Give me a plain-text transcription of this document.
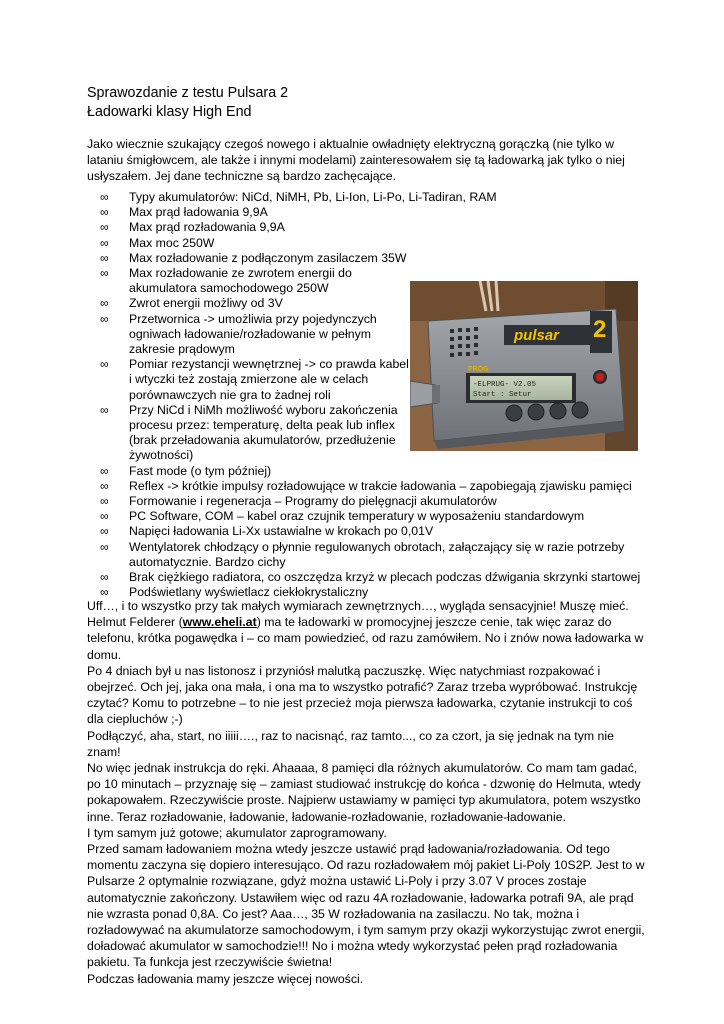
Sprawozdanie z testu Pulsara 2
Ładowarki klasy High End
Jako wiecznie szukający czegoś nowego i aktualnie owładnięty elektryczną gorączką (nie tylko w lataniu śmigłowcem, ale także i innymi modelami) zainteresowałem się tą ładowarką jak tylko o niej usłyszałem. Jej dane techniczne są bardzo zachęcające.
∞ Typy akumulatorów: NiCd, NiMH, Pb, Li-Ion, Li-Po, Li-Tadiran, RAM
∞ Max prąd ładowania 9,9A
∞ Max prąd rozładowania 9,9A
∞ Max moc 250W
∞ Max rozładowanie z podłączonym zasilaczem 35W
∞ Max rozładowanie ze zwrotem energii do akumulatora samochodowego 250W
∞ Zwrot energii możliwy od 3V
∞ Przetwornica -> umożliwia przy pojedynczych ogniwach ładowanie/rozładowanie w pełnym zakresie prądowym
∞ Pomiar rezystancji wewnętrznej -> co prawda kabel i wtyczki też zostają zmierzone ale w celach porównawczych nie gra to żadnej roli
∞ Przy NiCd i NiMh możliwość wyboru zakończenia procesu przez: temperaturę, delta peak lub inflex (brak przeładowania akumulatorów, przedłużenie żywotności)
∞ Fast mode (o tym później)
∞ Reflex -> krótkie impulsy rozładowujące w trakcie ładowania – zapobiegają zjawisku pamięci
∞ Formowanie i regeneracja – Programy do pielęgnacji akumulatorów
∞ PC Software, COM – kabel oraz czujnik temperatury w wyposażeniu standardowym
∞ Napięci ładowania Li-Xx ustawialne w krokach po 0,01V
∞ Wentylatorek chłodzący o płynnie regulowanych obrotach, załączający się w razie potrzeby automatycznie. Bardzo cichy
∞ Brak ciężkiego radiatora, co oszczędza krzyż w plecach podczas dźwigania skrzynki startowej
∞ Podświetlany wyświetlacz ciekłokrystaliczny
2
pulsar
PROG
-ELPRUG- V2.05
Start : Setur

Uff…, i to wszystko przy tak małych wymiarach zewnętrznych…, wygląda sensacyjnie! Muszę mieć. Helmut Felderer (www.eheli.at) ma te ładowarki w promocyjnej jeszcze cenie, tak więc zaraz do telefonu, krótka pogawędka i – co mam powiedzieć, od razu zamówiłem. No i znów nowa ładowarka w domu.

Po 4 dniach był u nas listonosz i przyniósł malutką paczuszkę. Więc natychmiast rozpakować i obejrzeć. Och jej, jaka ona mała, i ona ma to wszystko potrafić? Zaraz trzeba wypróbować. Instrukcję czytać? Komu to potrzebne – to nie jest przecież moja pierwsza ładowarka, czytanie instrukcji to coś dla ciepluchów ;-)

Podłączyć, aha, start, no iiiii…., raz to nacisnąć, raz tamto..., co za czort, ja się jednak na tym nie znam!

No więc jednak instrukcja do ręki. Ahaaaa, 8 pamięci dla różnych akumulatorów. Co mam tam gadać, po 10 minutach – przyznaję się – zamiast studiować instrukcję do końca - dzwonię do Helmuta, wtedy pokapowałem. Rzeczywiście proste. Najpierw ustawiamy w pamięci typ akumulatora, potem wszystko inne. Teraz rozładowanie, ładowanie, ładowanie-rozładowanie, rozładowanie-ładowanie.

I tym samym już gotowe; akumulator zaprogramowany.

Przed samam ładowaniem można wtedy jeszcze ustawić prąd ładowania/rozładowania. Od tego momentu zaczyna się dopiero interesująco. Od razu rozładowałem mój pakiet Li-Poly 10S2P. Jest to w Pulsarze 2 optymalnie rozwiązane, gdyż można ustawić Li-Poly i przy 3.07 V proces zostaje automatycznie zakończony. Ustawiłem więc od razu 4A rozładowanie, ładowarka potrafi 9A, ale prąd nie wzrasta ponad 0,8A. Co jest? Aaa…, 35 W rozładowania na zasilaczu. No tak, można i rozładowywać na akumulatorze samochodowym, i tym samym przy okazji wykorzystując zwrot energii, doładować akumulator w samochodzie!!! No i można wtedy wykorzystać pełen prąd rozładowania pakietu. Ta funkcja jest rzeczywiście świetna!

Podczas ładowania mamy jeszcze więcej nowości.
